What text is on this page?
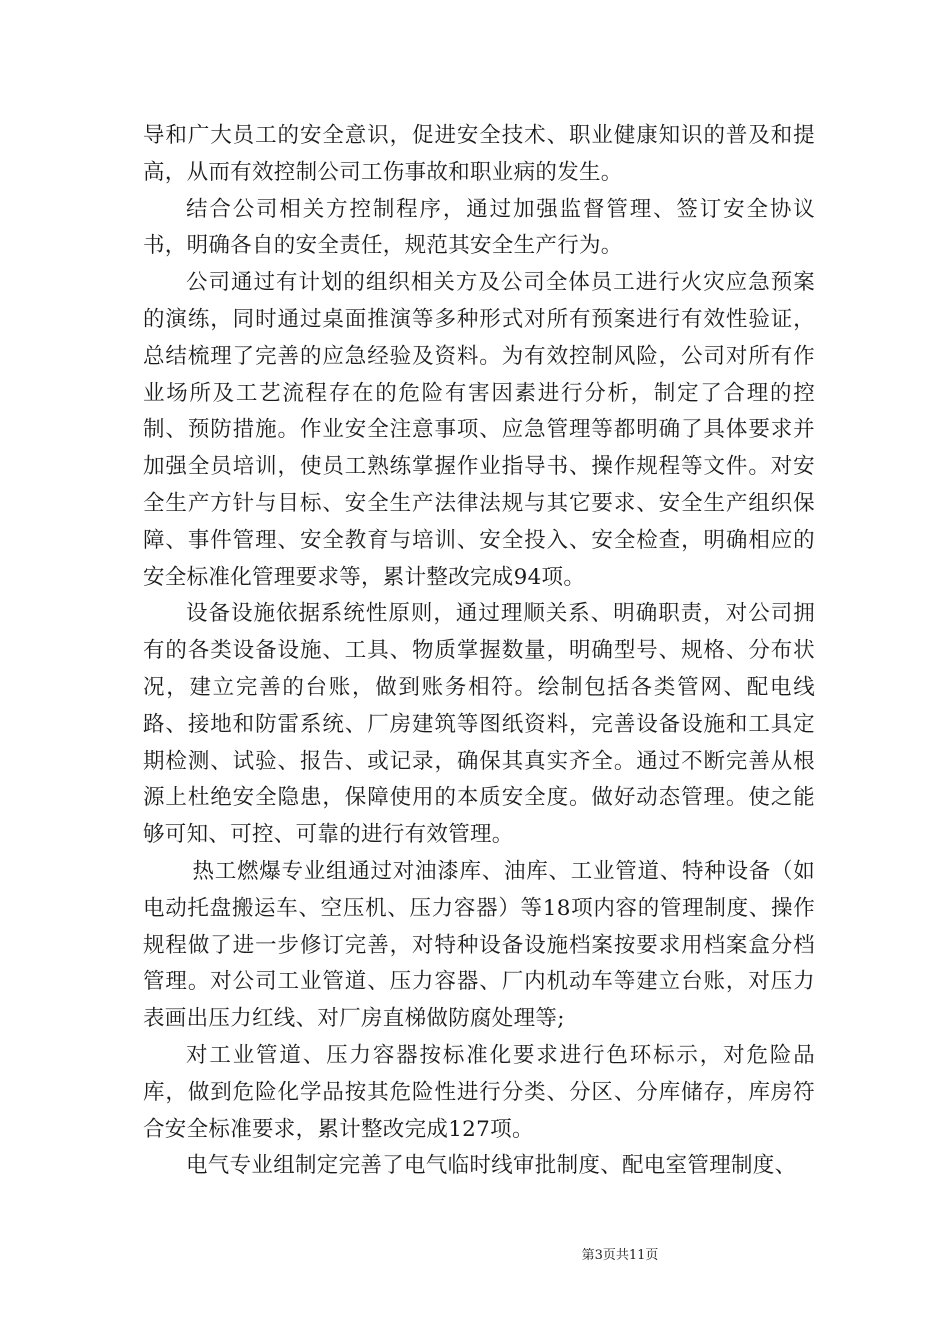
导和广大员工的安全意识，促进安全技术、职业健康知识的普及和提高，从而有效控制公司工伤事故和职业病的发生。

结合公司相关方控制程序，通过加强监督管理、签订安全协议书，明确各自的安全责任，规范其安全生产行为。

公司通过有计划的组织相关方及公司全体员工进行火灾应急预案的演练，同时通过桌面推演等多种形式对所有预案进行有效性验证，总结梳理了完善的应急经验及资料。为有效控制风险，公司对所有作业场所及工艺流程存在的危险有害因素进行分析，制定了合理的控制、预防措施。作业安全注意事项、应急管理等都明确了具体要求并加强全员培训，使员工熟练掌握作业指导书、操作规程等文件。对安全生产方针与目标、安全生产法律法规与其它要求、安全生产组织保障、事件管理、安全教育与培训、安全投入、安全检查，明确相应的安全标准化管理要求等，累计整改完成94项。

设备设施依据系统性原则，通过理顺关系、明确职责，对公司拥有的各类设备设施、工具、物质掌握数量，明确型号、规格、分布状况，建立完善的台账，做到账务相符。绘制包括各类管网、配电线路、接地和防雷系统、厂房建筑等图纸资料，完善设备设施和工具定期检测、试验、报告、或记录，确保其真实齐全。通过不断完善从根源上杜绝安全隐患，保障使用的本质安全度。做好动态管理。使之能够可知、可控、可靠的进行有效管理。

热工燃爆专业组通过对油漆库、油库、工业管道、特种设备（如电动托盘搬运车、空压机、压力容器）等18项内容的管理制度、操作规程做了进一步修订完善，对特种设备设施档案按要求用档案盒分档管理。对公司工业管道、压力容器、厂内机动车等建立台账，对压力表画出压力红线、对厂房直梯做防腐处理等;

对工业管道、压力容器按标准化要求进行色环标示，对危险品库，做到危险化学品按其危险性进行分类、分区、分库储存，库房符合安全标准要求，累计整改完成127项。

电气专业组制定完善了电气临时线审批制度、配电室管理制度、

第3页共11页
